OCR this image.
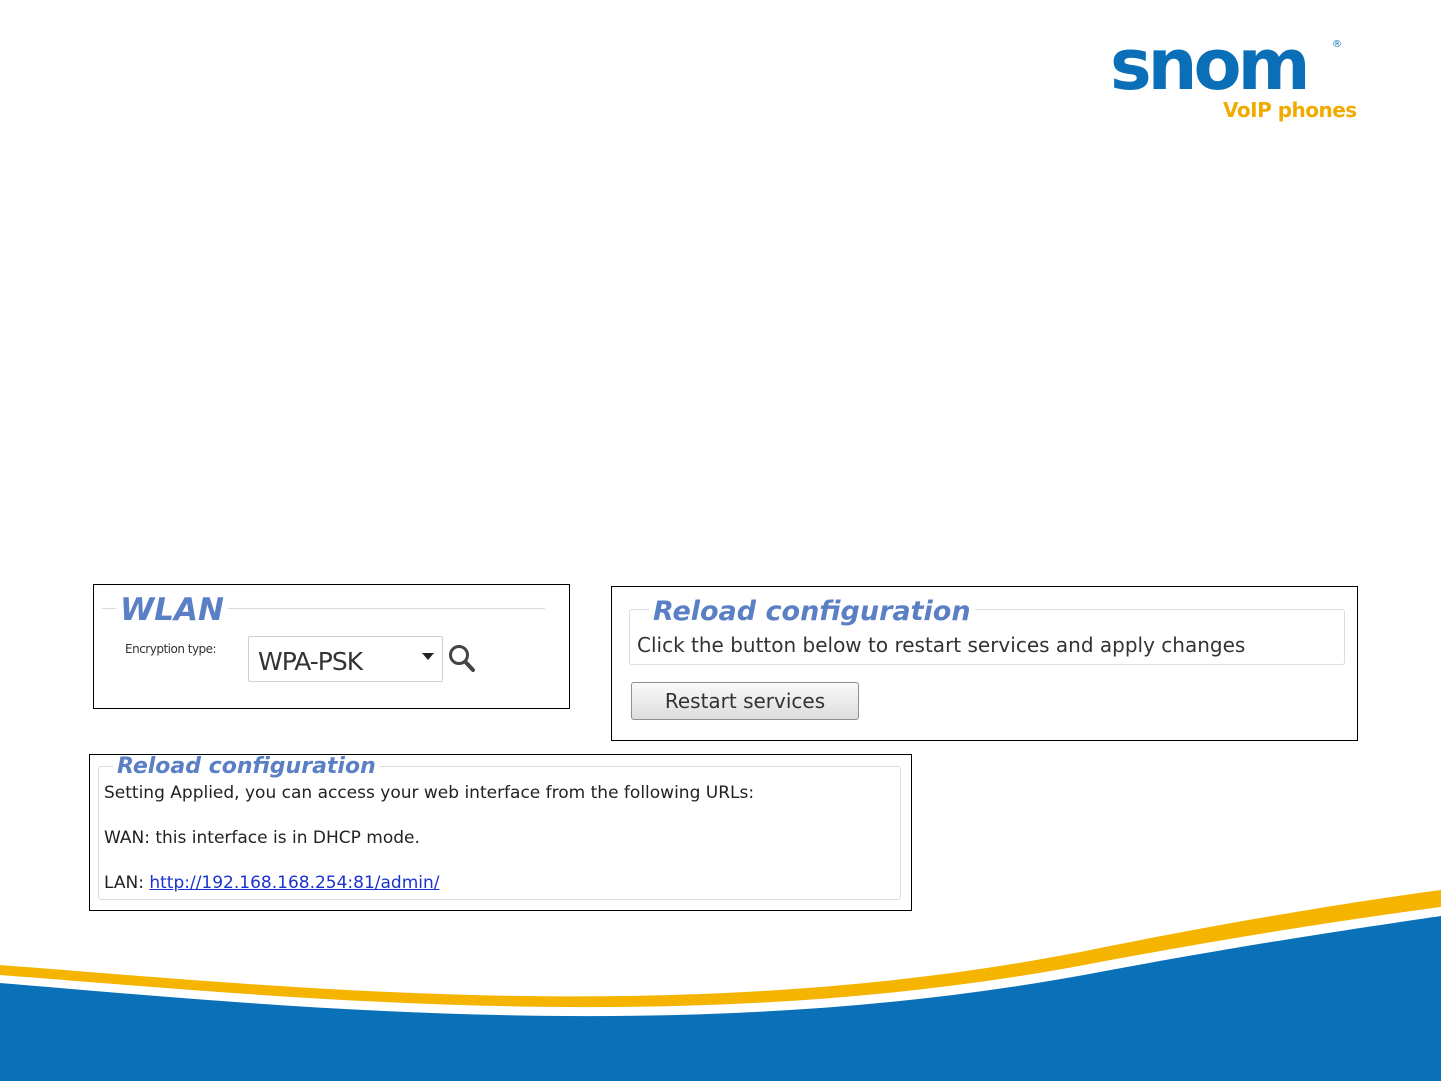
snom	®
VoIP phones
WLAN
Encryption type: WPA-PSK
Reload configuration
Click the button below to restart services and apply changes
Restart services
Reload configuration
Setting Applied, you can access your web interface from the following URLs:
WAN: this interface is in DHCP mode.
LAN: http://192.168.168.254:81/admin/
